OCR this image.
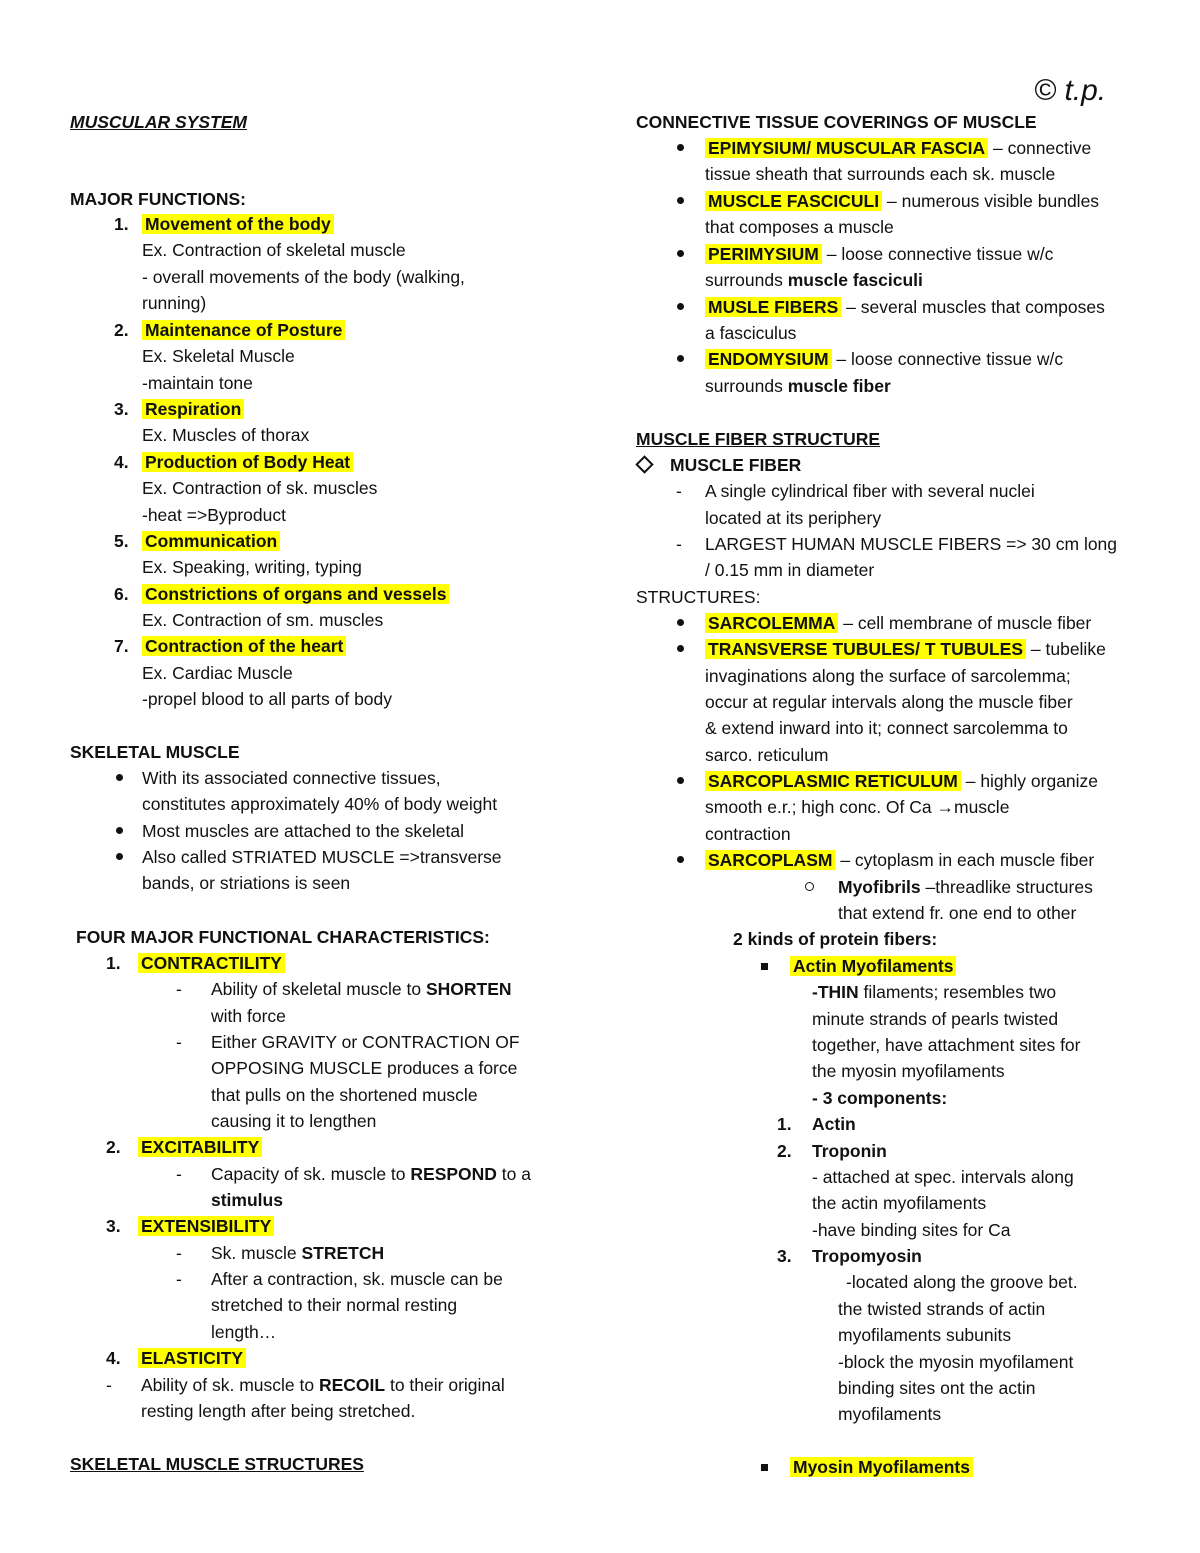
© t.p.
MUSCULAR SYSTEM
MAJOR FUNCTIONS:
1. Movement of the body
Ex. Contraction of skeletal muscle
- overall movements of the body (walking,
running)
2. Maintenance of Posture
Ex. Skeletal Muscle
-maintain tone
3. Respiration
Ex. Muscles of thorax
4. Production of Body Heat
Ex. Contraction of sk. muscles
-heat =>Byproduct
5. Communication
Ex. Speaking, writing, typing
6. Constrictions of organs and vessels
Ex. Contraction of sm. muscles
7. Contraction of the heart
Ex. Cardiac Muscle
-propel blood to all parts of body
SKELETAL MUSCLE
With its associated connective tissues,
constitutes approximately 40% of body weight
Most muscles are attached to the skeletal
Also called STRIATED MUSCLE =>transverse
bands, or striations is seen
FOUR MAJOR FUNCTIONAL CHARACTERISTICS:
1. CONTRACTILITY
- Ability of skeletal muscle to SHORTEN
with force
- Either GRAVITY or CONTRACTION OF
OPPOSING MUSCLE produces a force
that pulls on the shortened muscle
causing it to lengthen
2. EXCITABILITY
- Capacity of sk. muscle to RESPOND to a
stimulus
3. EXTENSIBILITY
- Sk. muscle STRETCH
- After a contraction, sk. muscle can be
stretched to their normal resting
length…
4. ELASTICITY
- Ability of sk. muscle to RECOIL to their original
resting length after being stretched.
SKELETAL MUSCLE STRUCTURES
CONNECTIVE TISSUE COVERINGS OF MUSCLE
EPIMYSIUM/ MUSCULAR FASCIA – connective
tissue sheath that surrounds each sk. muscle
MUSCLE FASCICULI – numerous visible bundles
that composes a muscle
PERIMYSIUM – loose connective tissue w/c
surrounds muscle fasciculi
MUSLE FIBERS – several muscles that composes
a fasciculus
ENDOMYSIUM – loose connective tissue w/c
surrounds muscle fiber
MUSCLE FIBER STRUCTURE
MUSCLE FIBER
- A single cylindrical fiber with several nuclei
located at its periphery
- LARGEST HUMAN MUSCLE FIBERS => 30 cm long
/ 0.15 mm in diameter
STRUCTURES:
SARCOLEMMA – cell membrane of muscle fiber
TRANSVERSE TUBULES/ T TUBULES – tubelike
invaginations along the surface of sarcolemma;
occur at regular intervals along the muscle fiber
& extend inward into it; connect sarcolemma to
sarco. reticulum
SARCOPLASMIC RETICULUM – highly organize
smooth e.r.; high conc. Of Ca →muscle
contraction
SARCOPLASM – cytoplasm in each muscle fiber
Myofibrils –threadlike structures
that extend fr. one end to other
2 kinds of protein fibers:
Actin Myofilaments
-THIN filaments; resembles two
minute strands of pearls twisted
together, have attachment sites for
the myosin myofilaments
- 3 components:
1. Actin
2. Troponin
- attached at spec. intervals along
the actin myofilaments
-have binding sites for Ca
3. Tropomyosin
-located along the groove bet.
the twisted strands of actin
myofilaments subunits
-block the myosin myofilament
binding sites ont the actin
myofilaments
Myosin Myofilaments
